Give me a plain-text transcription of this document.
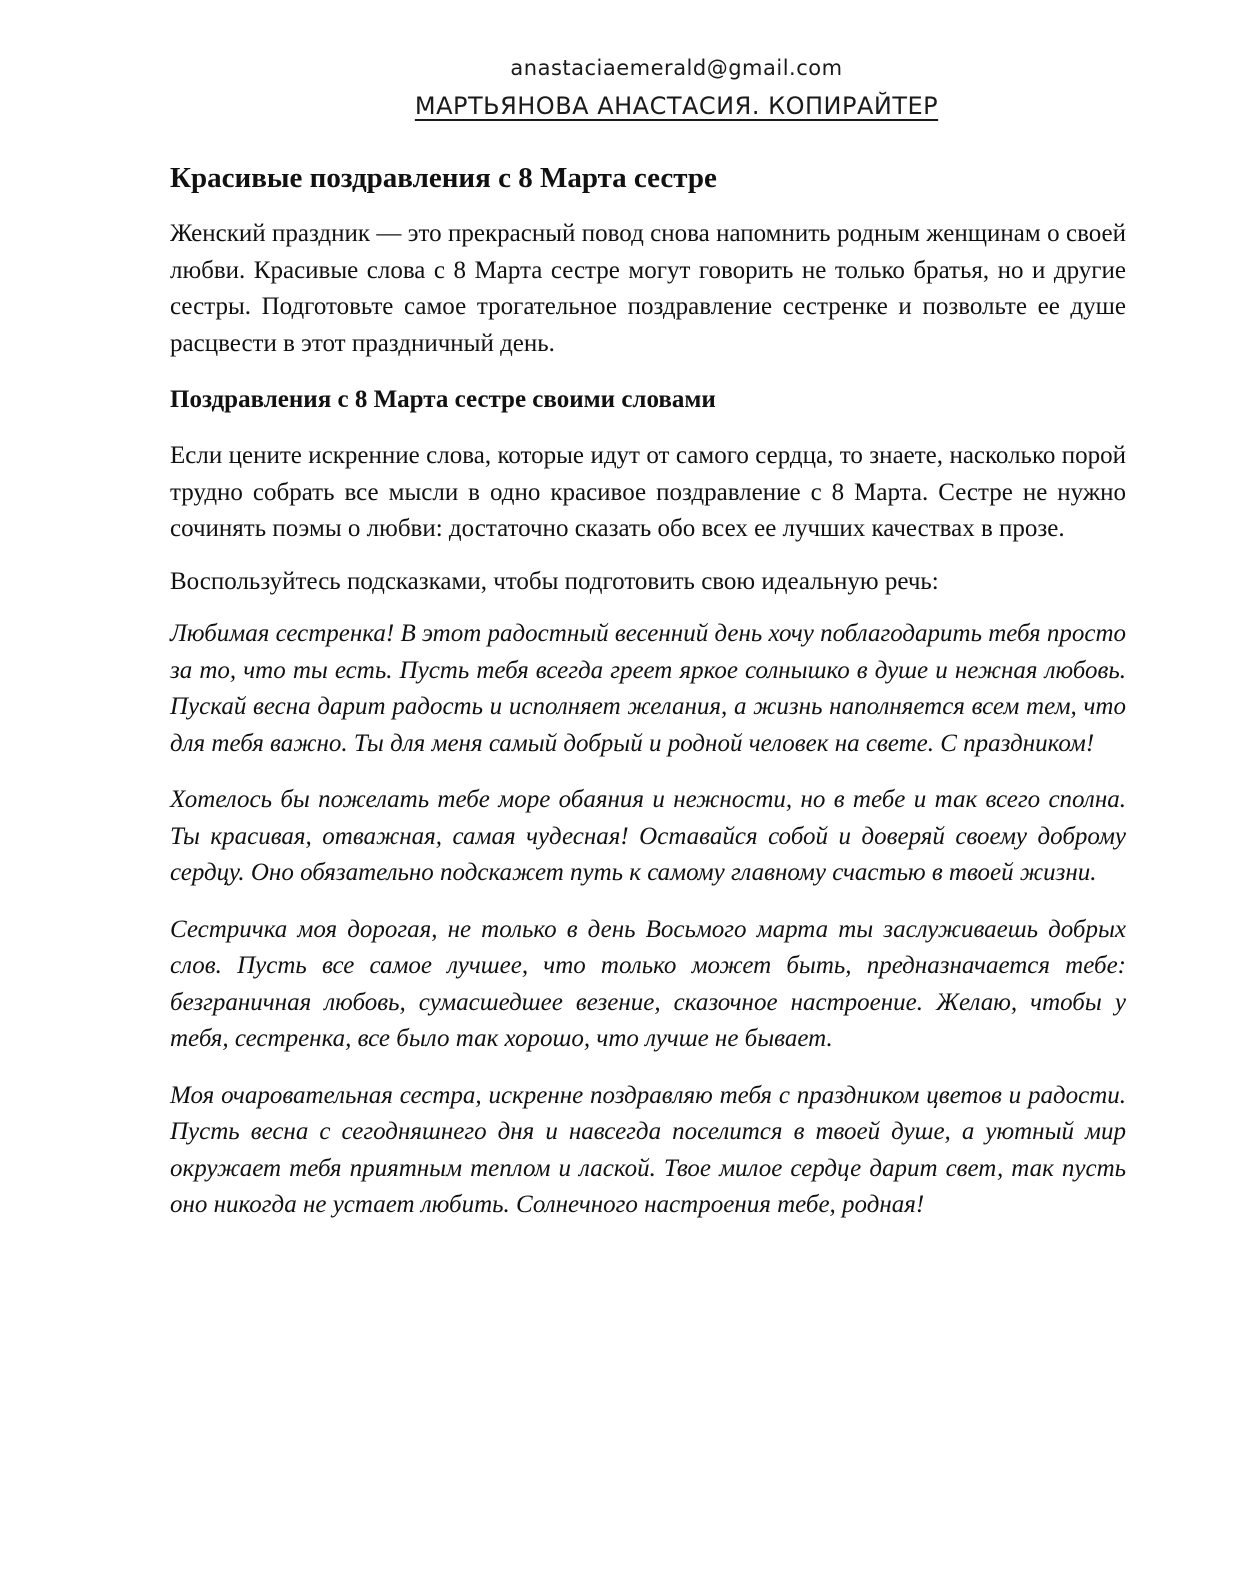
anastaciaemerald@gmail.com
МАРТЬЯНОВА АНАСТАСИЯ. КОПИРАЙТЕР
Красивые поздравления с 8 Марта сестре

Женский праздник — это прекрасный повод снова напомнить родным женщинам о своей любви. Красивые слова с 8 Марта сестре могут говорить не только братья, но и другие сестры. Подготовьте самое трогательное поздравление сестренке и позвольте ее душе расцвести в этот праздничный день.

Поздравления с 8 Марта сестре своими словами

Если цените искренние слова, которые идут от самого сердца, то знаете, насколько порой трудно собрать все мысли в одно красивое поздравление с 8 Марта. Сестре не нужно сочинять поэмы о любви: достаточно сказать обо всех ее лучших качествах в прозе.

Воспользуйтесь подсказками, чтобы подготовить свою идеальную речь:

Любимая сестренка! В этот радостный весенний день хочу поблагодарить тебя просто за то, что ты есть. Пусть тебя всегда греет яркое солнышко в душе и нежная любовь. Пускай весна дарит радость и исполняет желания, а жизнь наполняется всем тем, что для тебя важно. Ты для меня самый добрый и родной человек на свете. С праздником!

Хотелось бы пожелать тебе море обаяния и нежности, но в тебе и так всего сполна. Ты красивая, отважная, самая чудесная! Оставайся собой и доверяй своему доброму сердцу. Оно обязательно подскажет путь к самому главному счастью в твоей жизни.

Сестричка моя дорогая, не только в день Восьмого марта ты заслуживаешь добрых слов. Пусть все самое лучшее, что только может быть, предназначается тебе: безграничная любовь, сумасшедшее везение, сказочное настроение. Желаю, чтобы у тебя, сестренка, все было так хорошо, что лучше не бывает.

Моя очаровательная сестра, искренне поздравляю тебя с праздником цветов и радости. Пусть весна с сегодняшнего дня и навсегда поселится в твоей душе, а уютный мир окружает тебя приятным теплом и лаской. Твое милое сердце дарит свет, так пусть оно никогда не устает любить. Солнечного настроения тебе, родная!
